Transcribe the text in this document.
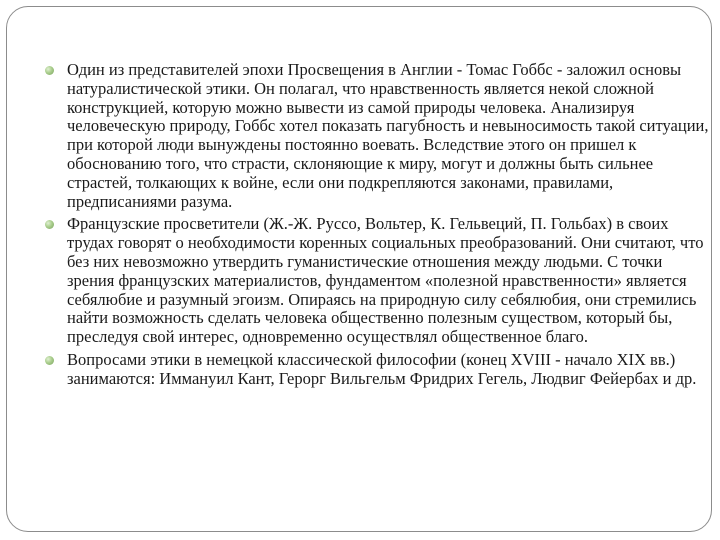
Один из представителей эпохи Просвещения в Англии - Томас Гоббс - заложил основы натуралистической этики. Он полагал, что нравственность является некой сложной конструкцией, которую можно вывести из самой природы человека. Анализируя человеческую природу, Гоббс хотел показать пагубность и невыносимость такой ситуации, при которой люди вынуждены постоянно воевать. Вследствие этого он пришел к обоснованию того, что страсти, склоняющие к миру, могут и должны быть сильнее страстей, толкающих к войне, если они подкрепляются законами, правилами, предписаниями разума.
Французские просветители (Ж.-Ж. Руссо, Вольтер, К. Гельвеций, П. Гольбах) в своих трудах говорят о необходимости коренных социальных преобразований. Они считают, что без них невозможно утвердить гуманистические отношения между людьми. С точки зрения французских материалистов, фундаментом «полезной нравственности» является себялюбие и разумный эгоизм. Опираясь на природную силу себялюбия, они стремились найти возможность сделать человека общественно полезным существом, который бы, преследуя свой интерес, одновременно осуществлял общественное благо.
Вопросами этики в немецкой классической философии (конец XVIII - начало XIX вв.) занимаются: Иммануил Кант, Герорг Вильгельм Фридрих Гегель, Людвиг Фейербах и др.
